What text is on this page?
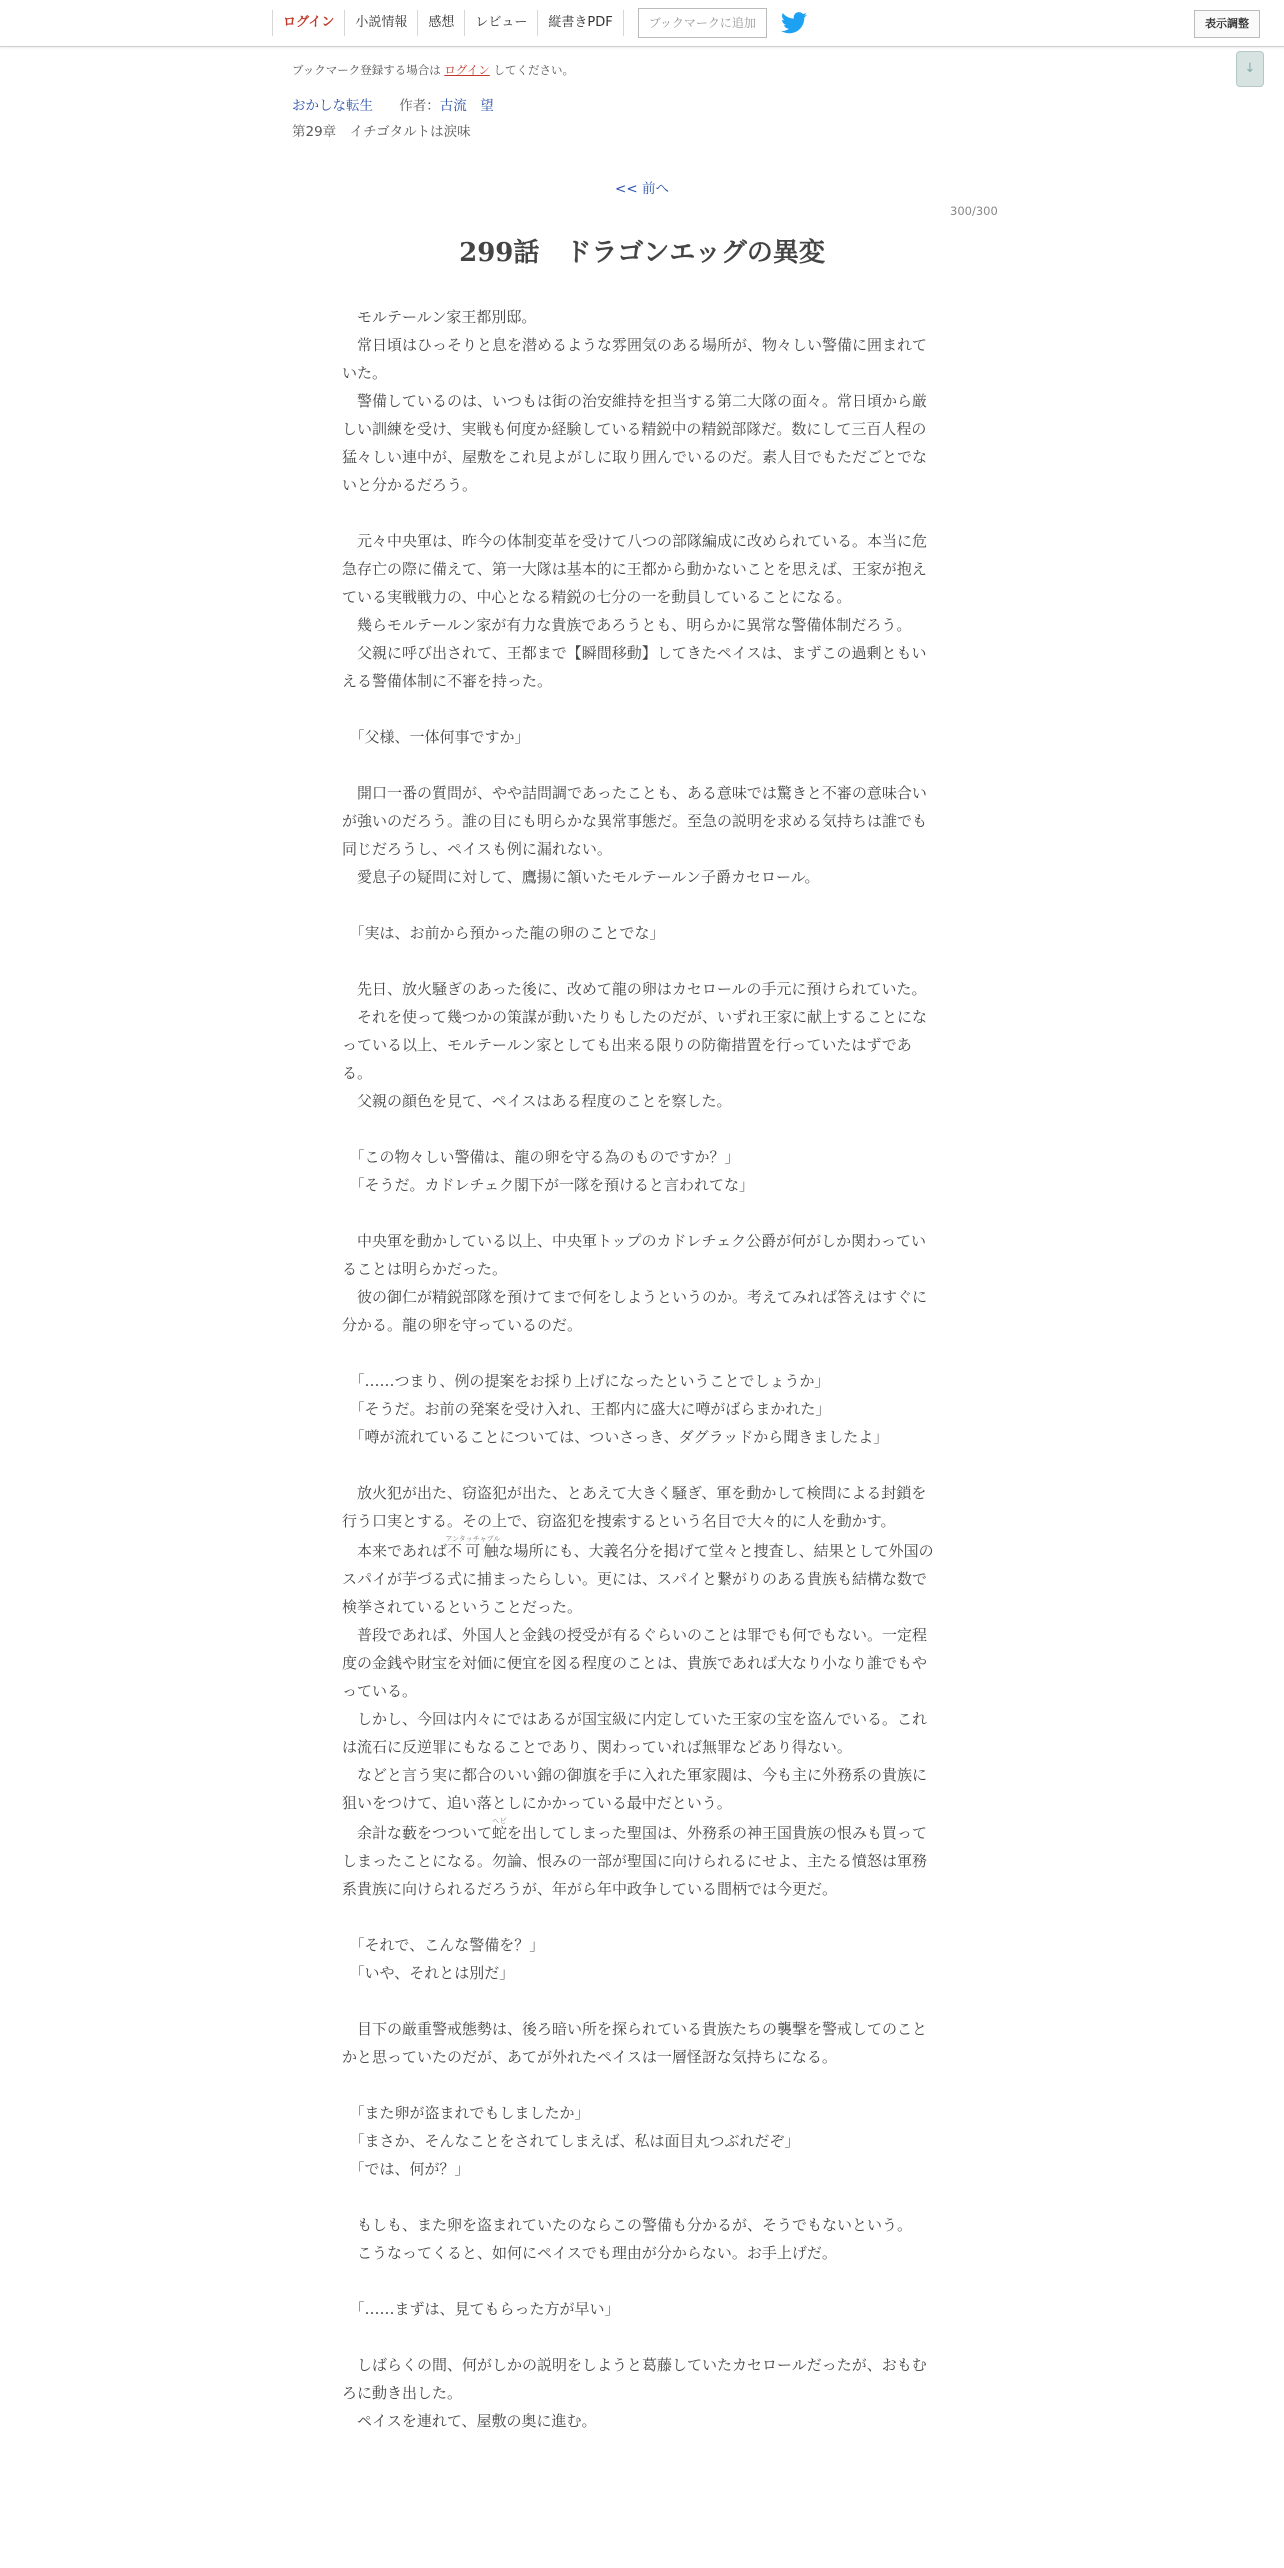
ログイン	小説情報	感想	レビュー	縦書きPDF	ブックマークに追加	表示調整
↓
ブックマーク登録する場合は ログイン してください。
おかしな転生 作者：古流　望
第29章　イチゴタルトは涙味
<< 前へ
300/300
299話　ドラゴンエッグの異変

　モルテールン家王都別邸。

　常日頃はひっそりと息を潜めるような雰囲気のある場所が、物々しい警備に囲まれていた。

　警備しているのは、いつもは街の治安維持を担当する第二大隊の面々。常日頃から厳しい訓練を受け、実戦も何度か経験している精鋭中の精鋭部隊だ。数にして三百人程の猛々しい連中が、屋敷をこれ見よがしに取り囲んでいるのだ。素人目でもただごとでないと分かるだろう。

　元々中央軍は、昨今の体制変革を受けて八つの部隊編成に改められている。本当に危急存亡の際に備えて、第一大隊は基本的に王都から動かないことを思えば、王家が抱えている実戦戦力の、中心となる精鋭の七分の一を動員していることになる。

　幾らモルテールン家が有力な貴族であろうとも、明らかに異常な警備体制だろう。

　父親に呼び出されて、王都まで【瞬間移動】してきたペイスは、まずこの過剰ともいえる警備体制に不審を持った。

　「父様、一体何事ですか」

　開口一番の質問が、やや詰問調であったことも、ある意味では驚きと不審の意味合いが強いのだろう。誰の目にも明らかな異常事態だ。至急の説明を求める気持ちは誰でも同じだろうし、ペイスも例に漏れない。

　愛息子の疑問に対して、鷹揚に頷いたモルテールン子爵カセロール。

　「実は、お前から預かった龍の卵のことでな」

　先日、放火騒ぎのあった後に、改めて龍の卵はカセロールの手元に預けられていた。

　それを使って幾つかの策謀が動いたりもしたのだが、いずれ王家に献上することになっている以上、モルテールン家としても出来る限りの防衛措置を行っていたはずである。

　父親の顔色を見て、ペイスはある程度のことを察した。

　「この物々しい警備は、龍の卵を守る為のものですか？」

　「そうだ。カドレチェク閣下が一隊を預けると言われてな」

　中央軍を動かしている以上、中央軍トップのカドレチェク公爵が何がしか関わっていることは明らかだった。

　彼の御仁が精鋭部隊を預けてまで何をしようというのか。考えてみれば答えはすぐに分かる。龍の卵を守っているのだ。

　「……つまり、例の提案をお採り上げになったということでしょうか」

　「そうだ。お前の発案を受け入れ、王都内に盛大に噂がばらまかれた」

　「噂が流れていることについては、ついさっき、ダグラッドから聞きましたよ」

　放火犯が出た、窃盗犯が出た、とあえて大きく騒ぎ、軍を動かして検問による封鎖を行う口実とする。その上で、窃盗犯を捜索するという名目で大々的に人を動かす。

　本来であれば不可触アンタッチャブルな場所にも、大義名分を掲げて堂々と捜査し、結果として外国のスパイが芋づる式に捕まったらしい。更には、スパイと繋がりのある貴族も結構な数で検挙されているということだった。

　普段であれば、外国人と金銭の授受が有るぐらいのことは罪でも何でもない。一定程度の金銭や財宝を対価に便宜を図る程度のことは、貴族であれば大なり小なり誰でもやっている。

　しかし、今回は内々にではあるが国宝級に内定していた王家の宝を盗んでいる。これは流石に反逆罪にもなることであり、関わっていれば無罪などあり得ない。

　などと言う実に都合のいい錦の御旗を手に入れた軍家閥は、今も主に外務系の貴族に狙いをつけて、追い落としにかかっている最中だという。

　余計な藪をつついて蛇ヘビを出してしまった聖国は、外務系の神王国貴族の恨みも買ってしまったことになる。勿論、恨みの一部が聖国に向けられるにせよ、主たる憤怒は軍務系貴族に向けられるだろうが、年がら年中政争している間柄では今更だ。

　「それで、こんな警備を？」

　「いや、それとは別だ」

　目下の厳重警戒態勢は、後ろ暗い所を探られている貴族たちの襲撃を警戒してのことかと思っていたのだが、あてが外れたペイスは一層怪訝な気持ちになる。

　「また卵が盗まれでもしましたか」

　「まさか、そんなことをされてしまえば、私は面目丸つぶれだぞ」

　「では、何が？」

　もしも、また卵を盗まれていたのならこの警備も分かるが、そうでもないという。

　こうなってくると、如何にペイスでも理由が分からない。お手上げだ。

　「……まずは、見てもらった方が早い」

　しばらくの間、何がしかの説明をしようと葛藤していたカセロールだったが、おもむろに動き出した。

　ペイスを連れて、屋敷の奥に進む。
